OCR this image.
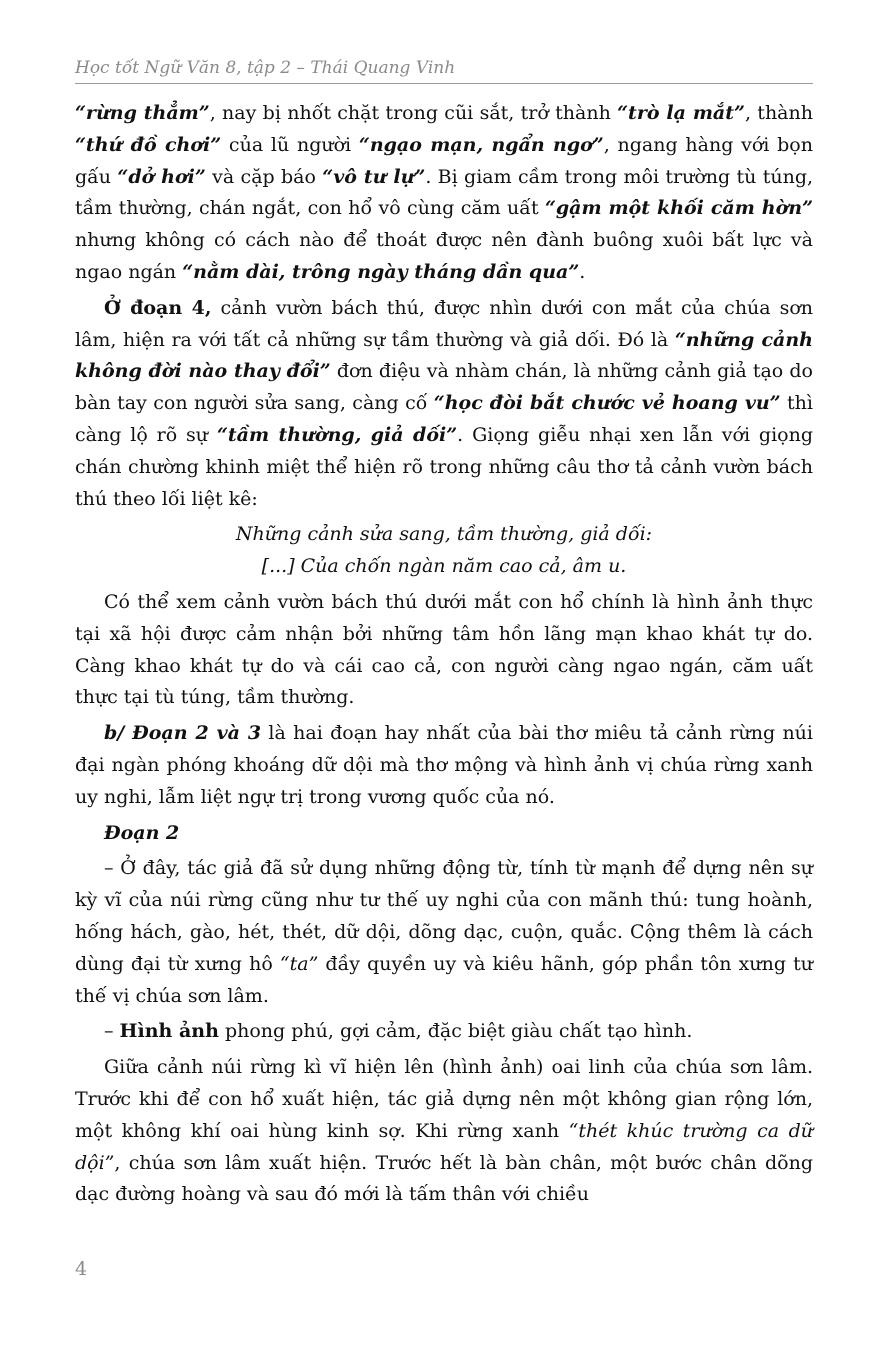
Học tốt Ngữ Văn 8, tập 2 – Thái Quang Vinh

“rừng thẳm”, nay bị nhốt chặt trong cũi sắt, trở thành “trò lạ mắt”, thành “thứ đồ chơi” của lũ người “ngạo mạn, ngẩn ngơ”, ngang hàng với bọn gấu “dở hơi” và cặp báo “vô tư lự”. Bị giam cầm trong môi trường tù túng, tầm thường, chán ngắt, con hổ vô cùng căm uất “gậm một khối căm hờn” nhưng không có cách nào để thoát được nên đành buông xuôi bất lực và ngao ngán “nằm dài, trông ngày tháng dần qua”.

Ở đoạn 4, cảnh vườn bách thú, được nhìn dưới con mắt của chúa sơn lâm, hiện ra với tất cả những sự tầm thường và giả dối. Đó là “những cảnh không đời nào thay đổi” đơn điệu và nhàm chán, là những cảnh giả tạo do bàn tay con người sửa sang, càng cố “học đòi bắt chước vẻ hoang vu” thì càng lộ rõ sự “tầm thường, giả dối”. Giọng giễu nhại xen lẫn với giọng chán chường khinh miệt thể hiện rõ trong những câu thơ tả cảnh vườn bách thú theo lối liệt kê:

Những cảnh sửa sang, tầm thường, giả dối:

[...] Của chốn ngàn năm cao cả, âm u.

Có thể xem cảnh vườn bách thú dưới mắt con hổ chính là hình ảnh thực tại xã hội được cảm nhận bởi những tâm hồn lãng mạn khao khát tự do. Càng khao khát tự do và cái cao cả, con người càng ngao ngán, căm uất thực tại tù túng, tầm thường.

b/ Đoạn 2 và 3 là hai đoạn hay nhất của bài thơ miêu tả cảnh rừng núi đại ngàn phóng khoáng dữ dội mà thơ mộng và hình ảnh vị chúa rừng xanh uy nghi, lẫm liệt ngự trị trong vương quốc của nó.

Đoạn 2

– Ở đây, tác giả đã sử dụng những động từ, tính từ mạnh để dựng nên sự kỳ vĩ của núi rừng cũng như tư thế uy nghi của con mãnh thú: tung hoành, hống hách, gào, hét, thét, dữ dội, dõng dạc, cuộn, quắc. Cộng thêm là cách dùng đại từ xưng hô “ta” đầy quyền uy và kiêu hãnh, góp phần tôn xưng tư thế vị chúa sơn lâm.

– Hình ảnh phong phú, gợi cảm, đặc biệt giàu chất tạo hình.

Giữa cảnh núi rừng kì vĩ hiện lên (hình ảnh) oai linh của chúa sơn lâm. Trước khi để con hổ xuất hiện, tác giả dựng nên một không gian rộng lớn, một không khí oai hùng kinh sợ. Khi rừng xanh “thét khúc trường ca dữ dội”, chúa sơn lâm xuất hiện. Trước hết là bàn chân, một bước chân dõng dạc đường hoàng và sau đó mới là tấm thân với chiều

4
